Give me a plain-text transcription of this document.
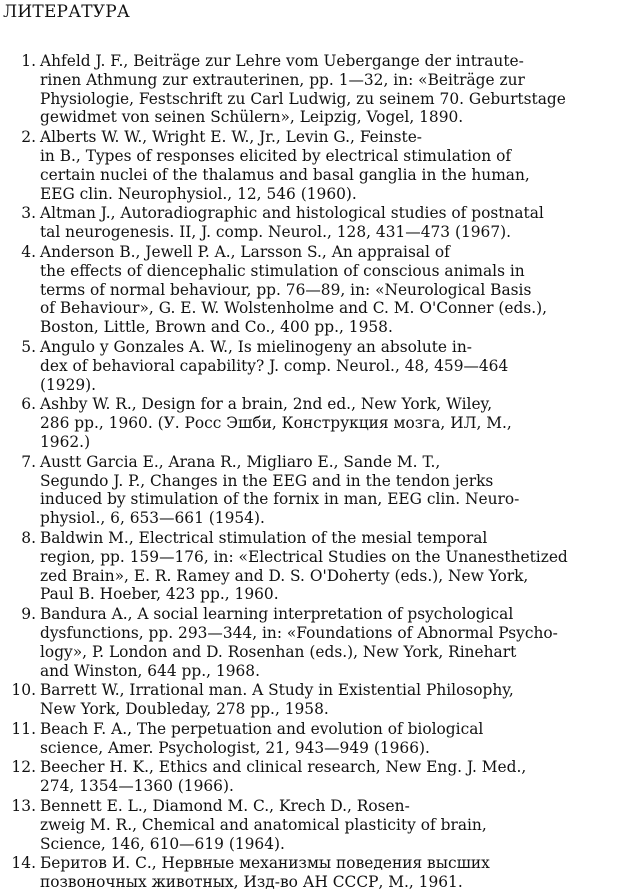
ЛИТЕРАТУРА
1. Ahfeld J. F., Beiträge zur Lehre vom Uebergange der intraute-
rinen Athmung zur extrauterinen, pp. 1—32, in: «Beiträge zur
Physiologie, Festschrift zu Carl Ludwig, zu seinem 70. Geburtstage
gewidmet von seinen Schülern», Leipzig, Vogel, 1890.
2. Alberts W. W., Wright E. W., Jr., Levin G., Feinste-
in B., Types of responses elicited by electrical stimulation of
certain nuclei of the thalamus and basal ganglia in the human,
EEG clin. Neurophysiol., 12, 546 (1960).
3. Altman J., Autoradiographic and histological studies of postnatal
tal neurogenesis. II, J. comp. Neurol., 128, 431—473 (1967).
4. Anderson B., Jewell P. A., Larsson S., An appraisal of
the effects of diencephalic stimulation of conscious animals in
terms of normal behaviour, pp. 76—89, in: «Neurological Basis
of Behaviour», G. E. W. Wolstenholme and C. M. O'Conner (eds.),
Boston, Little, Brown and Co., 400 pp., 1958.
5. Angulo y Gonzales A. W., Is mielinogeny an absolute in-
dex of behavioral capability? J. comp. Neurol., 48, 459—464
(1929).
6. Ashby W. R., Design for a brain, 2nd ed., New York, Wiley,
286 pp., 1960. (У. Росс Эшби, Конструкция мозга, ИЛ, М.,
1962.)
7. Austt Garcia E., Arana R., Migliaro E., Sande M. T.,
Segundo J. P., Changes in the EEG and in the tendon jerks
induced by stimulation of the fornix in man, EEG clin. Neuro-
physiol., 6, 653—661 (1954).
8. Baldwin M., Electrical stimulation of the mesial temporal
region, pp. 159—176, in: «Electrical Studies on the Unanesthetized
zed Brain», E. R. Ramey and D. S. O'Doherty (eds.), New York,
Paul B. Hoeber, 423 pp., 1960.
9. Bandura A., A social learning interpretation of psychological
dysfunctions, pp. 293—344, in: «Foundations of Abnormal Psycho-
logy», P. London and D. Rosenhan (eds.), New York, Rinehart
and Winston, 644 pp., 1968.
10. Barrett W., Irrational man. A Study in Existential Philosophy,
New York, Doubleday, 278 pp., 1958.
11. Beach F. A., The perpetuation and evolution of biological
science, Amer. Psychologist, 21, 943—949 (1966).
12. Beecher H. K., Ethics and clinical research, New Eng. J. Med.,
274, 1354—1360 (1966).
13. Bennett E. L., Diamond M. C., Krech D., Rosen-
zweig M. R., Chemical and anatomical plasticity of brain,
Science, 146, 610—619 (1964).
14. Беритов И. С., Нервные механизмы поведения высших
позвоночных животных, Изд-во АН СССР, М., 1961.
